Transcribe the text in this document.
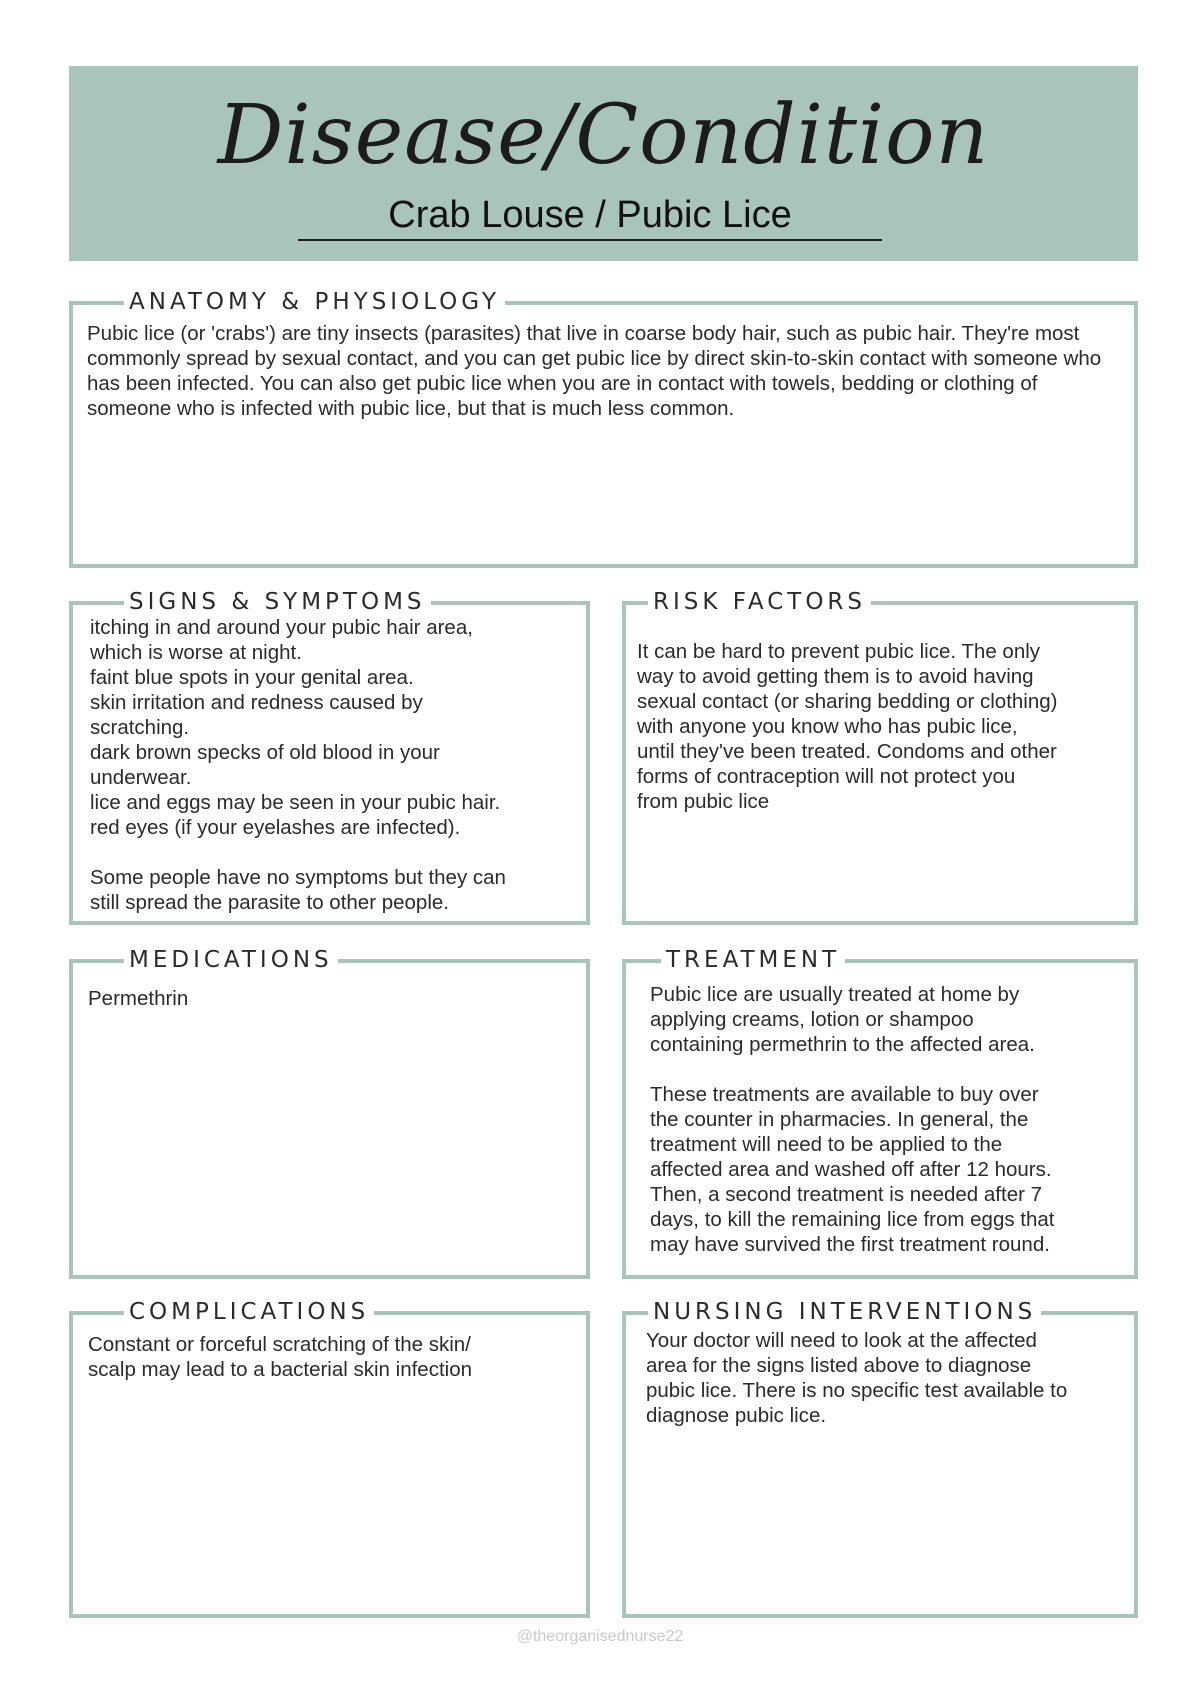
Disease/Condition
Crab Louse / Pubic Lice
ANATOMY & PHYSIOLOGY
Pubic lice (or 'crabs') are tiny insects (parasites) that live in coarse body hair, such as pubic hair. They're most commonly spread by sexual contact, and you can get pubic lice by direct skin-to-skin contact with someone who has been infected. You can also get pubic lice when you are in contact with towels, bedding or clothing of someone who is infected with pubic lice, but that is much less common.
SIGNS & SYMPTOMS
itching in and around your pubic hair area,
which is worse at night.
faint blue spots in your genital area.
skin irritation and redness caused by
scratching.
dark brown specks of old blood in your
underwear.
lice and eggs may be seen in your pubic hair.
red eyes (if your eyelashes are infected).

Some people have no symptoms but they can
still spread the parasite to other people.
RISK FACTORS
It can be hard to prevent pubic lice. The only
way to avoid getting them is to avoid having
sexual contact (or sharing bedding or clothing)
with anyone you know who has pubic lice,
until they've been treated. Condoms and other
forms of contraception will not protect you
from pubic lice
MEDICATIONS
Permethrin
TREATMENT
Pubic lice are usually treated at home by
applying creams, lotion or shampoo
containing permethrin to the affected area.

These treatments are available to buy over
the counter in pharmacies. In general, the
treatment will need to be applied to the
affected area and washed off after 12 hours.
Then, a second treatment is needed after 7
days, to kill the remaining lice from eggs that
may have survived the first treatment round.
COMPLICATIONS
Constant or forceful scratching of the skin/
scalp may lead to a bacterial skin infection
NURSING INTERVENTIONS
Your doctor will need to look at the affected
area for the signs listed above to diagnose
pubic lice. There is no specific test available to
diagnose pubic lice.
@theorganisednurse22
